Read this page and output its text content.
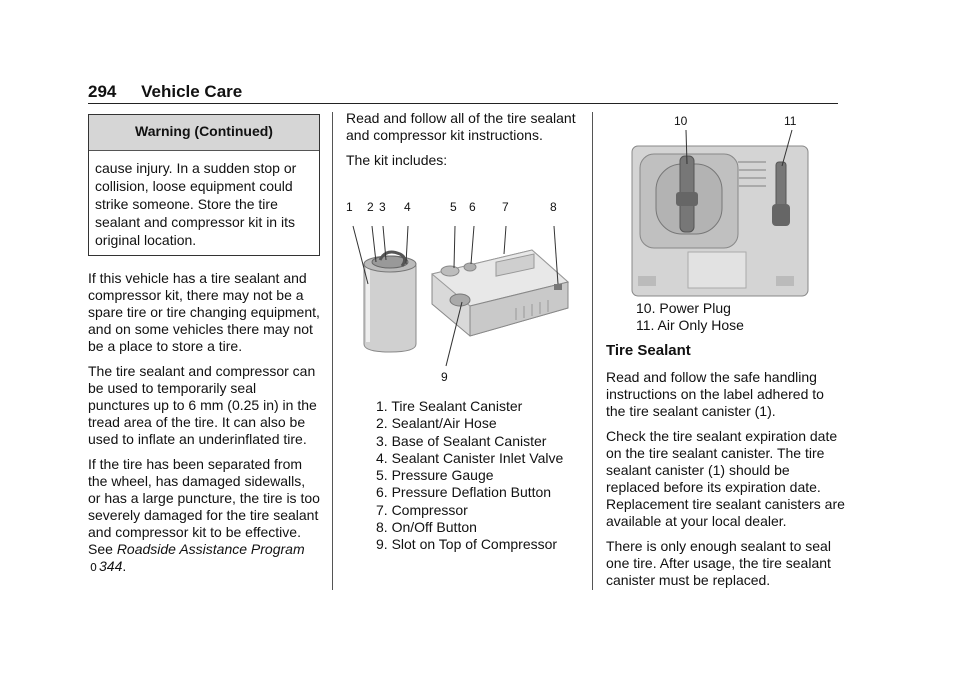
294 Vehicle Care
Warning (Continued)
cause injury. In a sudden stop or collision, loose equipment could strike someone. Store the tire sealant and compressor kit in its original location.

If this vehicle has a tire sealant and compressor kit, there may not be a spare tire or tire changing equipment, and on some vehicles there may not be a place to store a tire.

The tire sealant and compressor can be used to temporarily seal punctures up to 6 mm (0.25 in) in the tread area of the tire. It can also be used to inflate an underinflated tire.

If the tire has been separated from the wheel, has damaged sidewalls, or has a large puncture, the tire is too severely damaged for the tire sealant and compressor kit to be effective. See Roadside Assistance Program 0 344.

Read and follow all of the tire sealant and compressor kit instructions.

The kit includes:

1 2 3 4	5 6 7	8
9
1. Tire Sealant Canister
2. Sealant/Air Hose
3. Base of Sealant Canister
4. Sealant Canister Inlet Valve
5. Pressure Gauge
6. Pressure Deflation Button
7. Compressor
8. On/Off Button
9. Slot on Top of Compressor
10	11
10. Power Plug
11. Air Only Hose
Tire Sealant

Read and follow the safe handling instructions on the label adhered to the tire sealant canister (1).

Check the tire sealant expiration date on the tire sealant canister. The tire sealant canister (1) should be replaced before its expiration date. Replacement tire sealant canisters are available at your local dealer.

There is only enough sealant to seal one tire. After usage, the tire sealant canister must be replaced.
